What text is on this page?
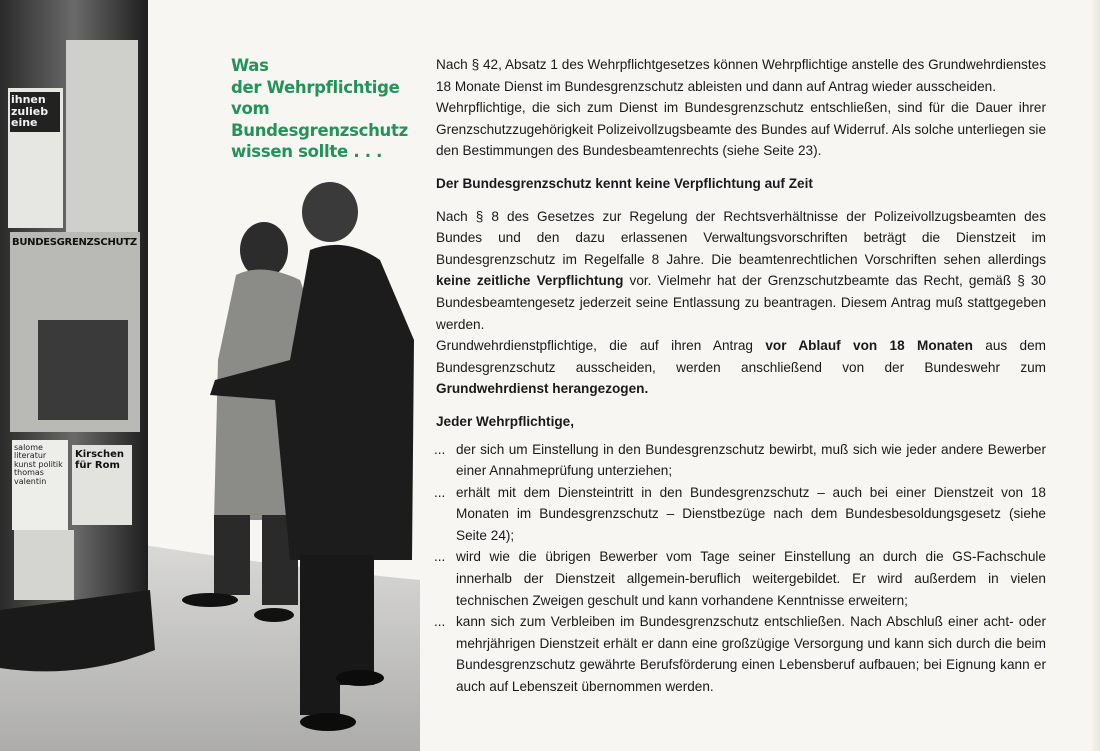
ihnen zulieb eine
BUNDESGRENZSCHUTZ
Kirschen für Rom
salome literatur kunst politik thomas valentin
Was
der Wehrpflichtige
vom
Bundesgrenzschutz
wissen sollte . . .

Nach § 42, Absatz 1 des Wehrpflichtgesetzes können Wehrpflichtige anstelle des Grundwehrdienstes 18 Monate Dienst im Bundesgrenzschutz ableisten und dann auf Antrag wieder ausscheiden.

Wehrpflichtige, die sich zum Dienst im Bundesgrenzschutz entschließen, sind für die Dauer ihrer Grenzschutzzugehörigkeit Polizeivollzugsbeamte des Bundes auf Widerruf. Als solche unterliegen sie den Bestimmungen des Bundesbeamtenrechts (siehe Seite 23).

Der Bundesgrenzschutz kennt keine Verpflichtung auf Zeit

Nach § 8 des Gesetzes zur Regelung der Rechtsverhältnisse der Polizeivollzugsbeamten des Bundes und den dazu erlassenen Verwaltungsvorschriften beträgt die Dienstzeit im Bundesgrenzschutz im Regelfalle 8 Jahre. Die beamtenrechtlichen Vorschriften sehen allerdings keine zeitliche Verpflichtung vor. Vielmehr hat der Grenzschutzbeamte das Recht, gemäß § 30 Bundesbeamtengesetz jederzeit seine Entlassung zu beantragen. Diesem Antrag muß stattgegeben werden.

Grundwehrdienstpflichtige, die auf ihren Antrag vor Ablauf von 18 Monaten aus dem Bundesgrenzschutz ausscheiden, werden anschließend von der Bundeswehr zum Grundwehrdienst herangezogen.

Jeder Wehrpflichtige,
... der sich um Einstellung in den Bundesgrenzschutz bewirbt, muß sich wie jeder andere Bewerber einer Annahmeprüfung unterziehen;
... erhält mit dem Diensteintritt in den Bundesgrenzschutz – auch bei einer Dienstzeit von 18 Monaten im Bundesgrenzschutz – Dienstbezüge nach dem Bundesbesoldungsgesetz (siehe Seite 24);
... wird wie die übrigen Bewerber vom Tage seiner Einstellung an durch die GS-Fachschule innerhalb der Dienstzeit allgemein-beruflich weitergebildet. Er wird außerdem in vielen technischen Zweigen geschult und kann vorhandene Kenntnisse erweitern;
... kann sich zum Verbleiben im Bundesgrenzschutz entschließen. Nach Abschluß einer acht- oder mehrjährigen Dienstzeit erhält er dann eine großzügige Versorgung und kann sich durch die beim Bundesgrenzschutz gewährte Berufsförderung einen Lebensberuf aufbauen; bei Eignung kann er auch auf Lebenszeit übernommen werden.
